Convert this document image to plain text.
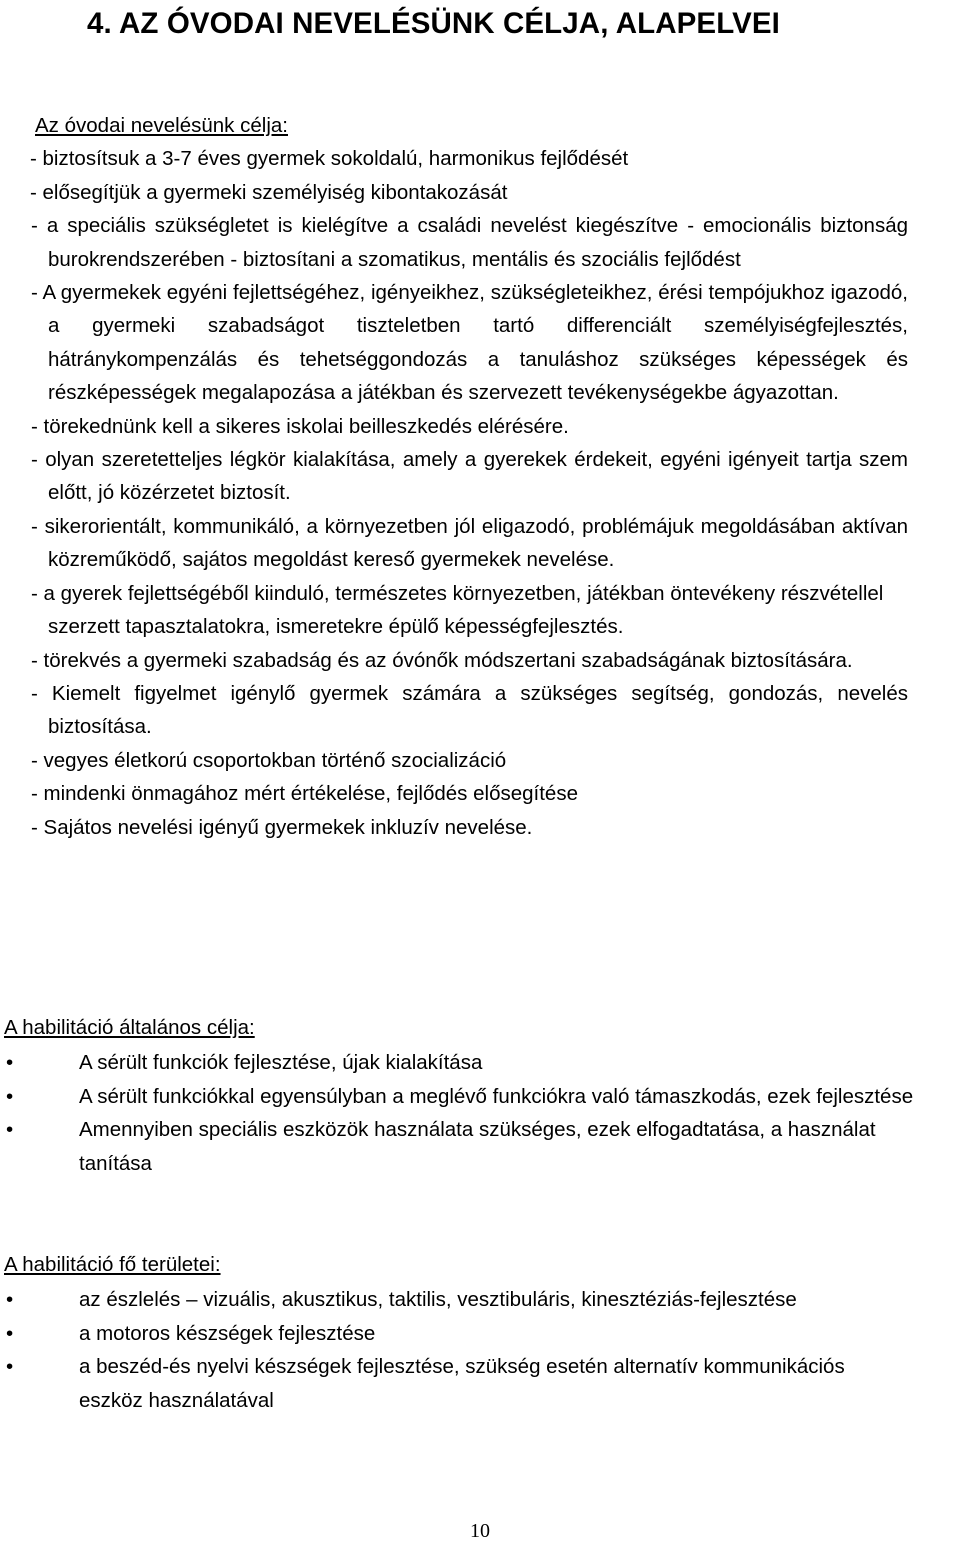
4. AZ ÓVODAI NEVELÉSÜNK CÉLJA, ALAPELVEI
Az óvodai nevelésünk célja:
- biztosítsuk a 3-7 éves gyermek sokoldalú, harmonikus fejlődését
- elősegítjük a gyermeki személyiség kibontakozását
- a speciális szükségletet is kielégítve a családi nevelést kiegészítve - emocionális biztonság burokrendszerében - biztosítani a szomatikus, mentális és szociális fejlődést
- A gyermekek egyéni fejlettségéhez, igényeikhez, szükségleteikhez, érési tempójukhoz igazodó, a gyermeki szabadságot tiszteletben tartó differenciált személyiségfejlesztés, hátránykompenzálás és tehetséggondozás a tanuláshoz szükséges képességek és részképességek megalapozása a játékban és szervezett tevékenységekbe ágyazottan.
- törekednünk kell a sikeres iskolai beilleszkedés elérésére.
- olyan szeretetteljes légkör kialakítása, amely a gyerekek érdekeit, egyéni igényeit tartja szem előtt, jó közérzetet biztosít.
- sikerorientált, kommunikáló, a környezetben jól eligazodó, problémájuk megoldásában aktívan közreműködő, sajátos megoldást kereső gyermekek nevelése.
- a gyerek fejlettségéből kiinduló, természetes környezetben, játékban öntevékeny részvétellel szerzett tapasztalatokra, ismeretekre épülő képességfejlesztés.
- törekvés a gyermeki szabadság és az óvónők módszertani szabadságának biztosítására.
- Kiemelt figyelmet igénylő gyermek számára a szükséges segítség, gondozás, nevelés biztosítása.
- vegyes életkorú csoportokban történő szocializáció
- mindenki önmagához mért értékelése, fejlődés elősegítése
- Sajátos nevelési igényű gyermekek inkluzív nevelése.
A habilitáció általános célja:
•	A sérült funkciók fejlesztése, újak kialakítása
•	A sérült funkciókkal egyensúlyban a meglévő funkciókra való támaszkodás, ezek fejlesztése
•	Amennyiben speciális eszközök használata szükséges, ezek elfogadtatása, a használat tanítása
A habilitáció fő területei:
•	az észlelés – vizuális, akusztikus, taktilis, vesztibuláris, kinesztéziás-fejlesztése
•	a motoros készségek fejlesztése
•	a beszéd-és nyelvi készségek fejlesztése, szükség esetén alternatív kommunikációs eszköz használatával
10
